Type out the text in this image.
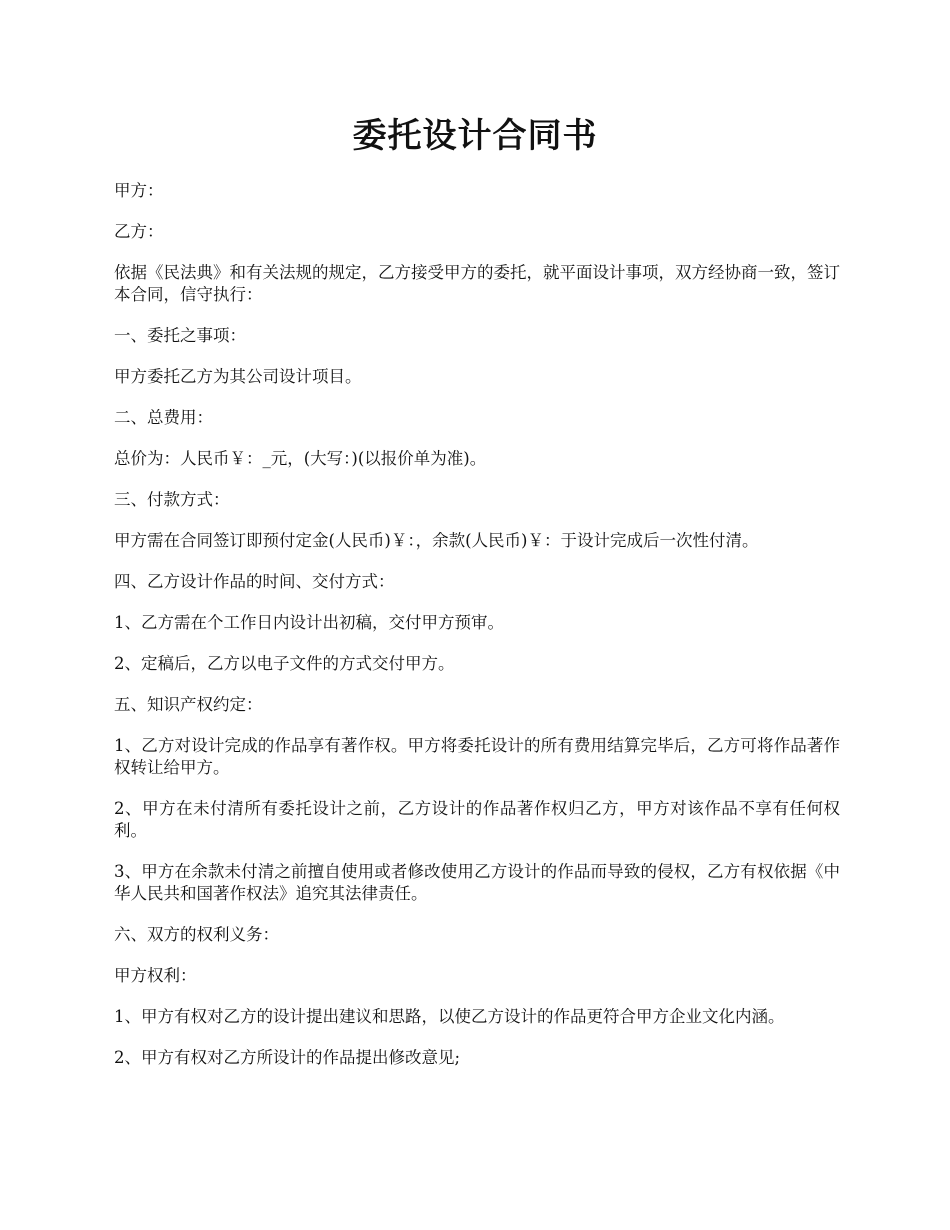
委托设计合同书

甲方：

乙方：

依据《民法典》和有关法规的规定，乙方接受甲方的委托，就平面设计事项，双方经协商一致，签订本合同，信守执行：

一、委托之事项：

甲方委托乙方为其公司设计项目。

二、总费用：

总价为：人民币￥：_元，(大写：)(以报价单为准)。

三、付款方式：

甲方需在合同签订即预付定金(人民币)￥：，余款(人民币)￥：于设计完成后一次性付清。

四、乙方设计作品的时间、交付方式：

1、乙方需在个工作日内设计出初稿，交付甲方预审。

2、定稿后，乙方以电子文件的方式交付甲方。

五、知识产权约定：

1、乙方对设计完成的作品享有著作权。甲方将委托设计的所有费用结算完毕后，乙方可将作品著作权转让给甲方。

2、甲方在未付清所有委托设计之前，乙方设计的作品著作权归乙方，甲方对该作品不享有任何权利。

3、甲方在余款未付清之前擅自使用或者修改使用乙方设计的作品而导致的侵权，乙方有权依据《中华人民共和国著作权法》追究其法律责任。

六、双方的权利义务：

甲方权利：

1、甲方有权对乙方的设计提出建议和思路，以使乙方设计的作品更符合甲方企业文化内涵。

2、甲方有权对乙方所设计的作品提出修改意见;
